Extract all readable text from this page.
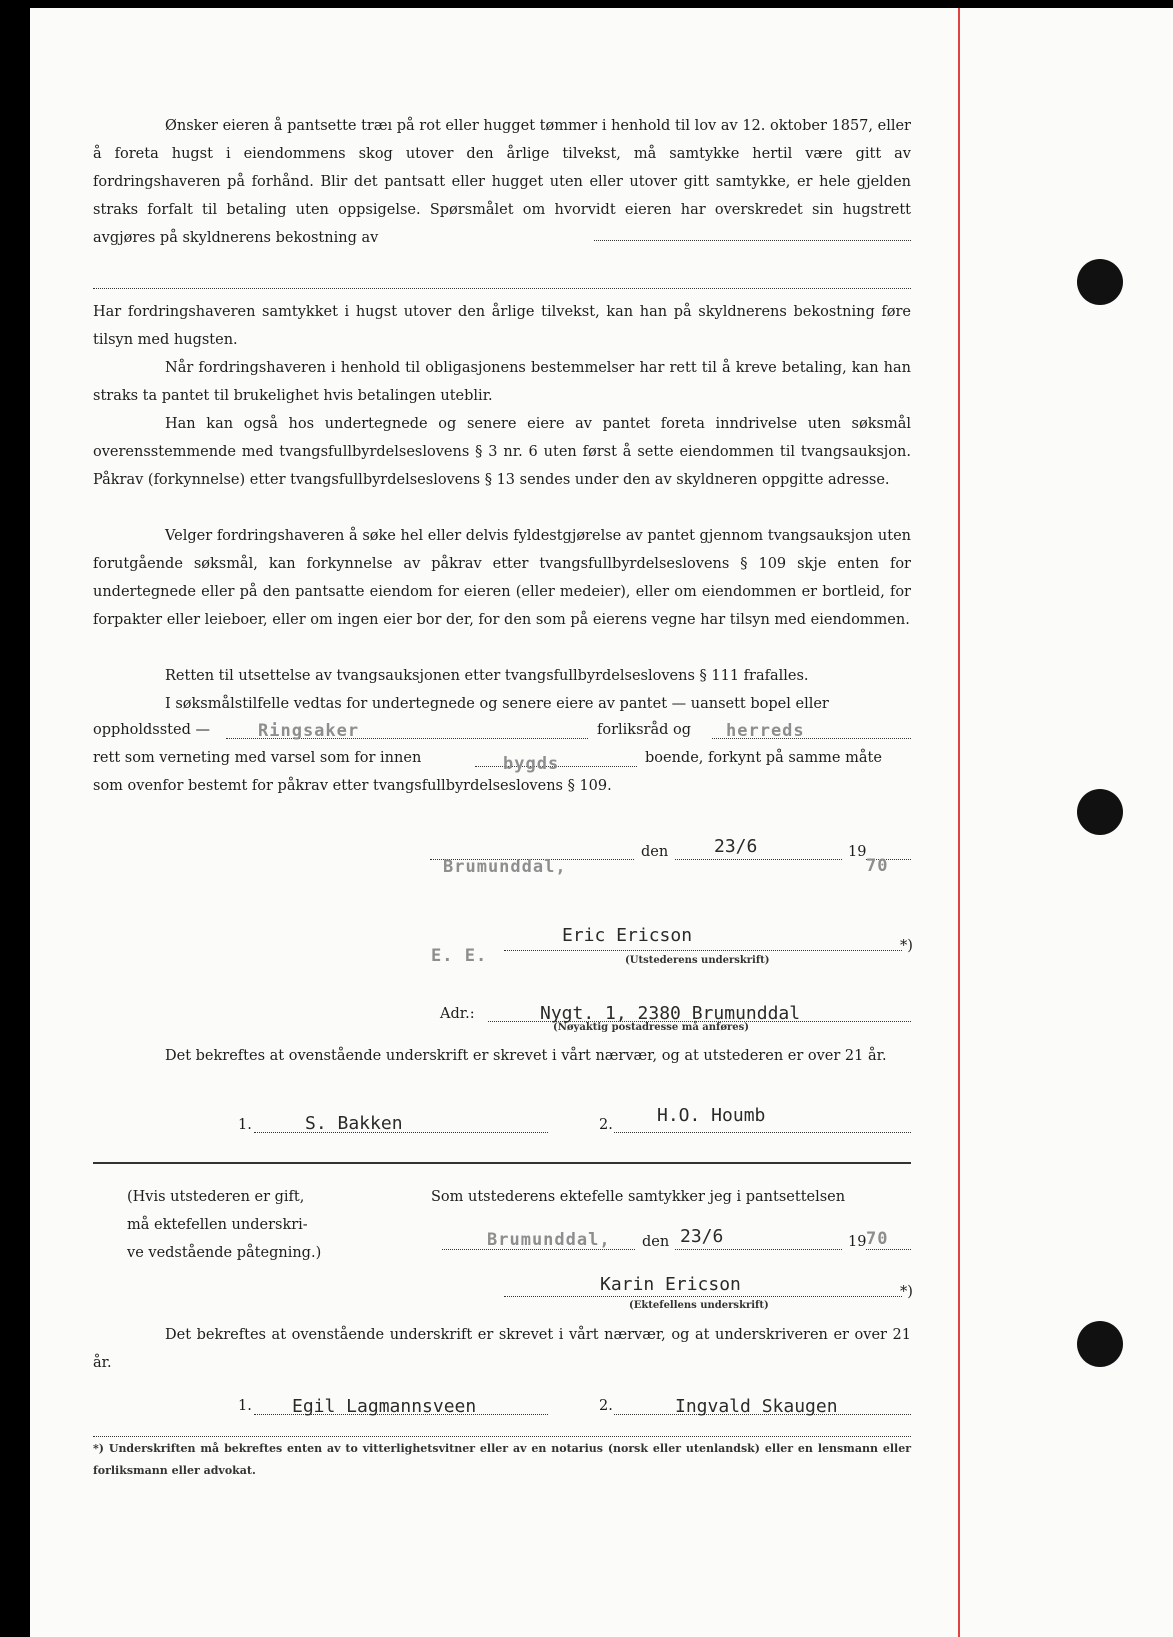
Ønsker eieren å pantsette træı på rot eller hugget tømmer i henhold til lov av 12. oktober 1857, eller å foreta hugst i eiendommens skog utover den årlige tilvekst, må samtykke hertil være gitt av fordringshaveren på forhånd. Blir det pantsatt eller hugget uten eller utover gitt samtykke, er hele gjelden straks forfalt til betaling uten oppsigelse. Spørsmålet om hvorvidt eieren har overskredet sin hugstrett avgjøres på skyldnerens bekostning av
Har fordringshaveren samtykket i hugst utover den årlige tilvekst, kan han på skyldnerens bekostning føre tilsyn med hugsten.
Når fordringshaveren i henhold til obligasjonens bestemmelser har rett til å kreve betaling, kan han straks ta pantet til brukelighet hvis betalingen uteblir.
Han kan også hos undertegnede og senere eiere av pantet foreta inndrivelse uten søksmål overensstemmende med tvangsfullbyrdelseslovens § 3 nr. 6 uten først å sette eiendommen til tvangsauksjon. Påkrav (forkynnelse) etter tvangsfullbyrdelseslovens § 13 sendes under den av skyldneren oppgitte adresse.
Velger fordringshaveren å søke hel eller delvis fyldestgjørelse av pantet gjennom tvangsauksjon uten forutgående søksmål, kan forkynnelse av påkrav etter tvangsfullbyrdelseslovens § 109 skje enten for undertegnede eller på den pantsatte eiendom for eieren (eller medeier), eller om eiendommen er bortleid, for forpakter eller leieboer, eller om ingen eier bor der, for den som på eierens vegne har tilsyn med eiendommen.
Retten til utsettelse av tvangsauksjonen etter tvangsfullbyrdelseslovens § 111 frafalles.
I søksmålstilfelle vedtas for undertegnede og senere eiere av pantet — uansett bopel eller
oppholdssted —	Ringsaker	forliksråd og herreds
rett som verneting med varsel som for innen	bygds	boende, forkynt på samme måte
som ovenfor bestemt for påkrav etter tvangsfullbyrdelseslovens § 109.
Brumunddal,
den	23/6	19
70
E. E.
Eric Ericson	*)
(Utstederens underskrift)
Adr.:	Nygt. 1, 2380 Brumunddal
(Nøyaktig postadresse må anføres)
Det bekreftes at ovenstående underskrift er skrevet i vårt nærvær, og at utstederen er over 21 år.
1.	S. Bakken	2. H.O. Houmb
(Hvis utstederen er gift,
må ektefellen underskri-
ve vedstående påtegning.)
Som utstederens ektefelle samtykker jeg i pantsettelsen
Brumunddal, den 23/6	19 70
Karin Ericson	*)
(Ektefellens underskrift)
Det bekreftes at ovenstående underskrift er skrevet i vårt nærvær, og at underskriveren er over 21 år.
1. Egil Lagmannsveen	2.	Ingvald Skaugen
*) Underskriften må bekreftes enten av to vitterlighetsvitner eller av en notarius (norsk eller utenlandsk) eller en lensmann eller forliksmann eller advokat.
